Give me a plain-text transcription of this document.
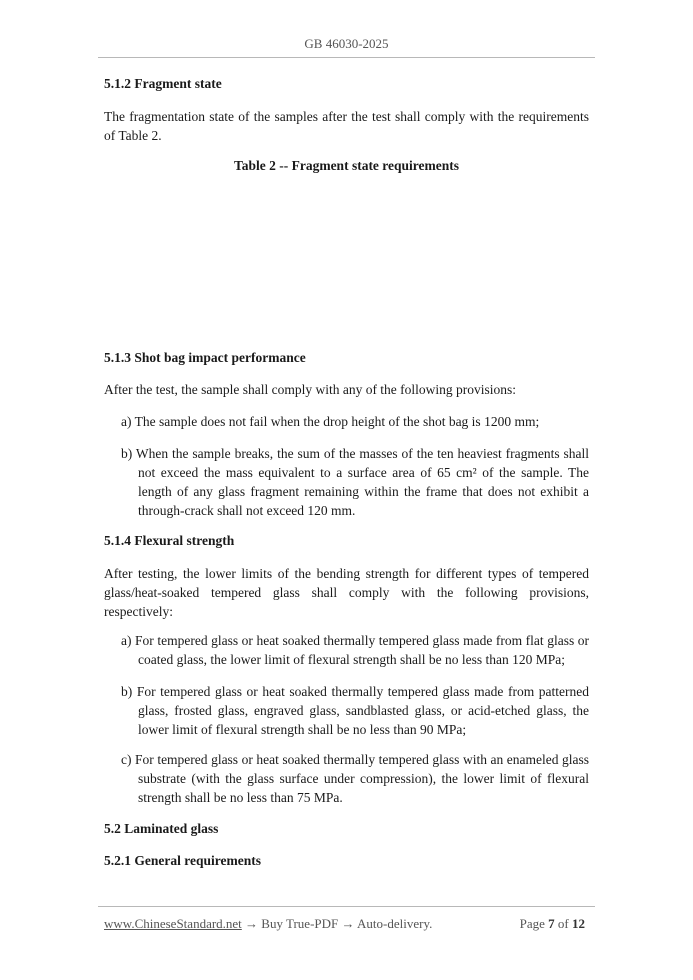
GB 46030-2025
5.1.2 Fragment state
The fragmentation state of the samples after the test shall comply with the requirements of Table 2.
Table 2 -- Fragment state requirements
5.1.3 Shot bag impact performance
After the test, the sample shall comply with any of the following provisions:
a) The sample does not fail when the drop height of the shot bag is 1200 mm;
b) When the sample breaks, the sum of the masses of the ten heaviest fragments shall not exceed the mass equivalent to a surface area of 65 cm² of the sample. The length of any glass fragment remaining within the frame that does not exhibit a through-crack shall not exceed 120 mm.
5.1.4 Flexural strength
After testing, the lower limits of the bending strength for different types of tempered glass/heat-soaked tempered glass shall comply with the following provisions, respectively:
a) For tempered glass or heat soaked thermally tempered glass made from flat glass or coated glass, the lower limit of flexural strength shall be no less than 120 MPa;
b) For tempered glass or heat soaked thermally tempered glass made from patterned glass, frosted glass, engraved glass, sandblasted glass, or acid-etched glass, the lower limit of flexural strength shall be no less than 90 MPa;
c) For tempered glass or heat soaked thermally tempered glass with an enameled glass substrate (with the glass surface under compression), the lower limit of flexural strength shall be no less than 75 MPa.
5.2 Laminated glass
5.2.1 General requirements
www.ChineseStandard.net → Buy True-PDF → Auto-delivery.	Page 7 of 12
